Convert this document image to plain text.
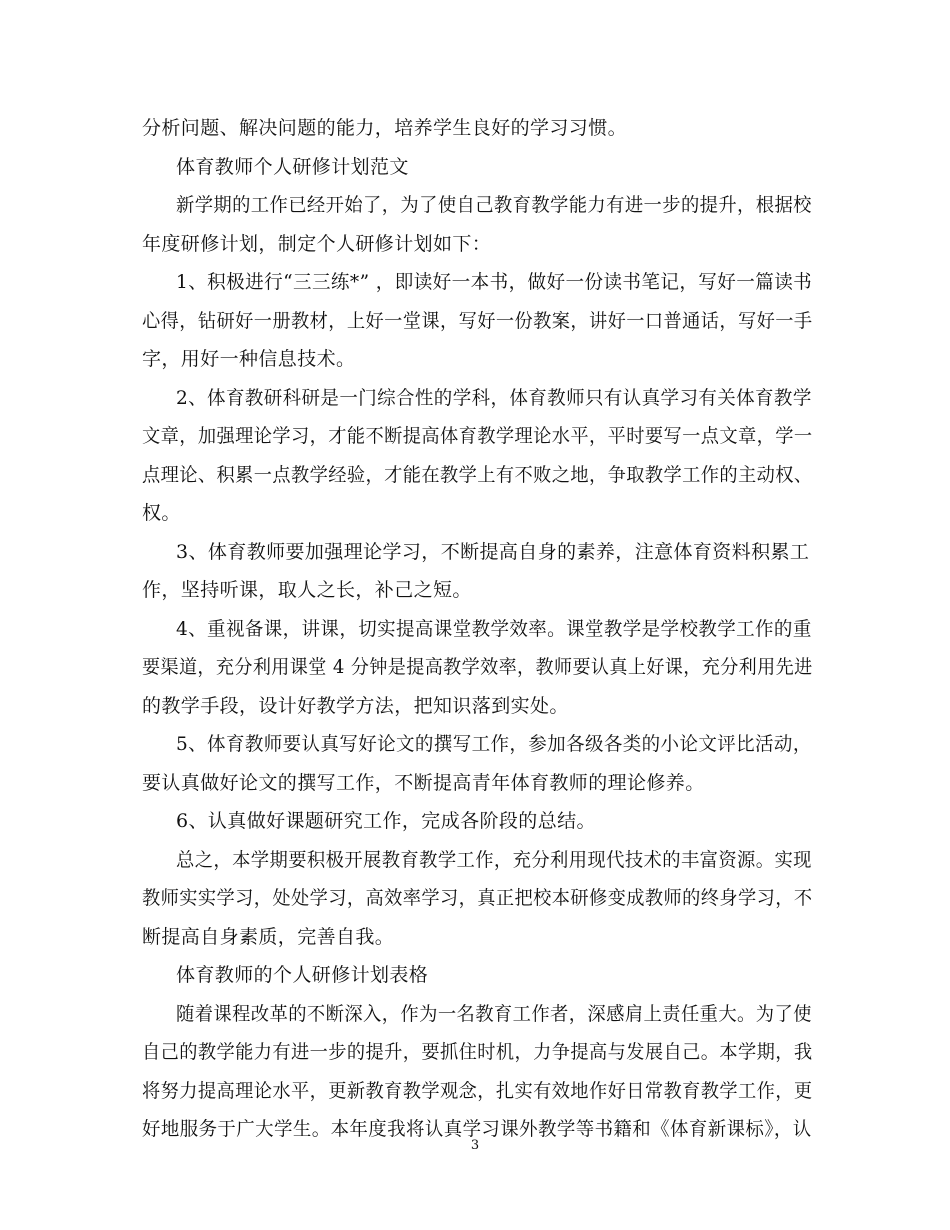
分析问题、解决问题的能力，培养学生良好的学习习惯。
体育教师个人研修计划范文
新学期的工作已经开始了，为了使自己教育教学能力有进一步的提升，根据校
年度研修计划，制定个人研修计划如下：
1、积极进行“三三练*” ，即读好一本书，做好一份读书笔记，写好一篇读书
心得，钻研好一册教材，上好一堂课，写好一份教案，讲好一口普通话，写好一手
字，用好一种信息技术。
2、体育教研科研是一门综合性的学科，体育教师只有认真学习有关体育教学
文章，加强理论学习，才能不断提高体育教学理论水平，平时要写一点文章，学一
点理论、积累一点教学经验，才能在教学上有不败之地，争取教学工作的主动权、
权。
3、体育教师要加强理论学习，不断提高自身的素养，注意体育资料积累工
作，坚持听课，取人之长，补己之短。
4、重视备课，讲课，切实提高课堂教学效率。课堂教学是学校教学工作的重
要渠道，充分利用课堂 4 分钟是提高教学效率，教师要认真上好课，充分利用先进
的教学手段，设计好教学方法，把知识落到实处。
5、体育教师要认真写好论文的撰写工作，参加各级各类的小论文评比活动，
要认真做好论文的撰写工作，不断提高青年体育教师的理论修养。
6、认真做好课题研究工作，完成各阶段的总结。
总之，本学期要积极开展教育教学工作，充分利用现代技术的丰富资源。实现
教师实实学习，处处学习，高效率学习，真正把校本研修变成教师的终身学习，不
断提高自身素质，完善自我。
体育教师的个人研修计划表格
随着课程改革的不断深入，作为一名教育工作者，深感肩上责任重大。为了使
自己的教学能力有进一步的提升，要抓住时机，力争提高与发展自己。本学期，我
将努力提高理论水平，更新教育教学观念，扎实有效地作好日常教育教学工作，更
好地服务于广大学生。本年度我将认真学习课外教学等书籍和《体育新课标》，认
3
